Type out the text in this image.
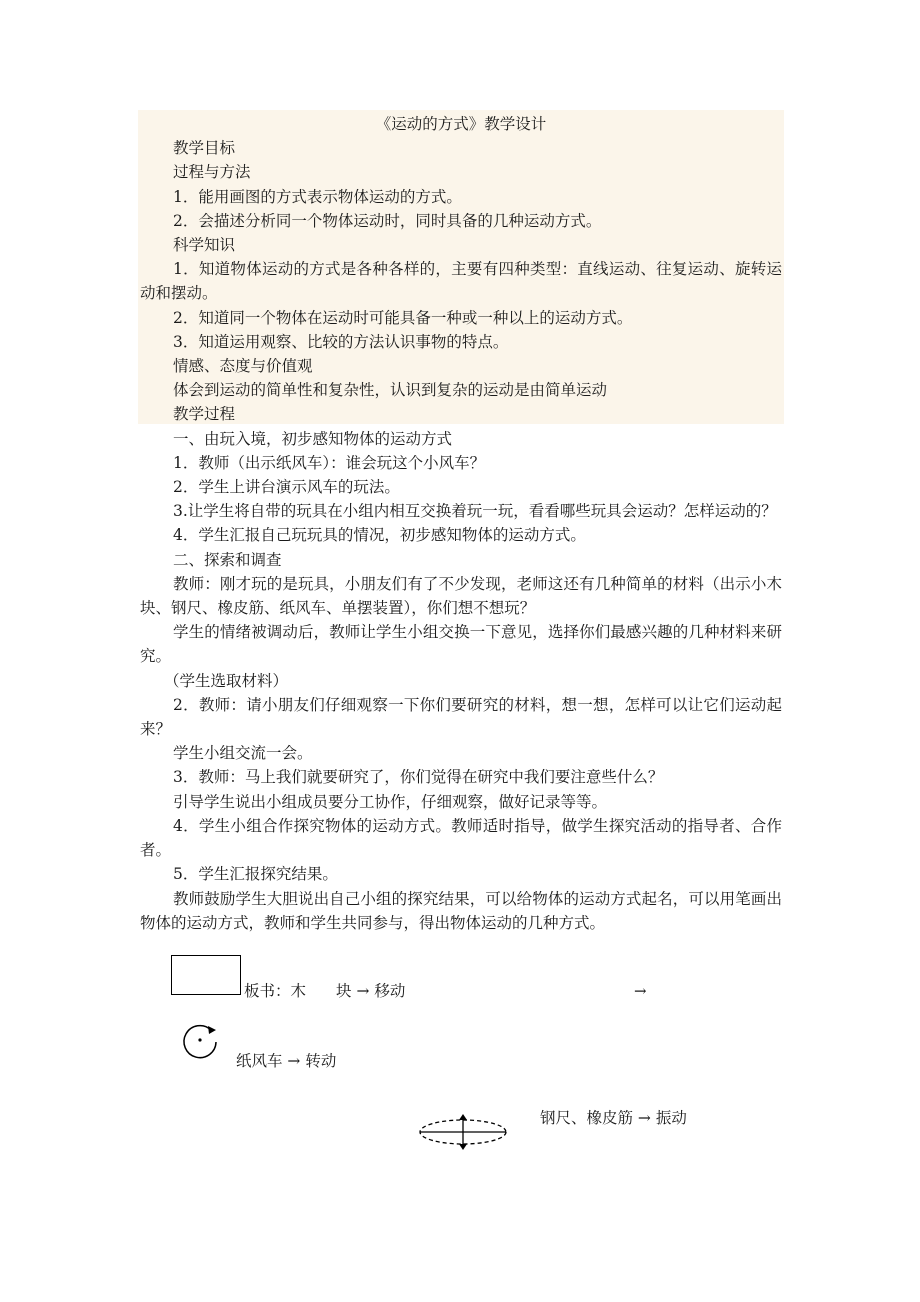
《运动的方式》教学设计

教学目标

过程与方法

1．能用画图的方式表示物体运动的方式。

2．会描述分析同一个物体运动时，同时具备的几种运动方式。

科学知识

1．知道物体运动的方式是各种各样的，主要有四种类型：直线运动、往复运动、旋转运动和摆动。

2．知道同一个物体在运动时可能具备一种或一种以上的运动方式。

3．知道运用观察、比较的方法认识事物的特点。

情感、态度与价值观

体会到运动的简单性和复杂性，认识到复杂的运动是由简单运动

教学过程

一、由玩入境，初步感知物体的运动方式

1．教师（出示纸风车）：谁会玩这个小风车？

2．学生上讲台演示风车的玩法。

3.让学生将自带的玩具在小组内相互交换着玩一玩，看看哪些玩具会运动？怎样运动的？

4．学生汇报自己玩玩具的情况，初步感知物体的运动方式。

二、探索和调查

教师：刚才玩的是玩具，小朋友们有了不少发现，老师这还有几种简单的材料（出示小木块、钢尺、橡皮筋、纸风车、单摆装置），你们想不想玩？

学生的情绪被调动后，教师让学生小组交换一下意见，选择你们最感兴趣的几种材料来研究。

（学生选取材料）

2．教师：请小朋友们仔细观察一下你们要研究的材料，想一想，怎样可以让它们运动起来？

学生小组交流一会。

3．教师：马上我们就要研究了，你们觉得在研究中我们要注意些什么？

引导学生说出小组成员要分工协作，仔细观察，做好记录等等。

4．学生小组合作探究物体的运动方式。教师适时指导，做学生探究活动的指导者、合作者。

5．学生汇报探究结果。

教师鼓励学生大胆说出自己小组的探究结果，可以给物体的运动方式起名，可以用笔画出物体的运动方式，教师和学生共同参与，得出物体运动的几种方式。

板书：木 块 → 移动	→
纸风车 → 转动
钢尺、橡皮筋 → 振动
